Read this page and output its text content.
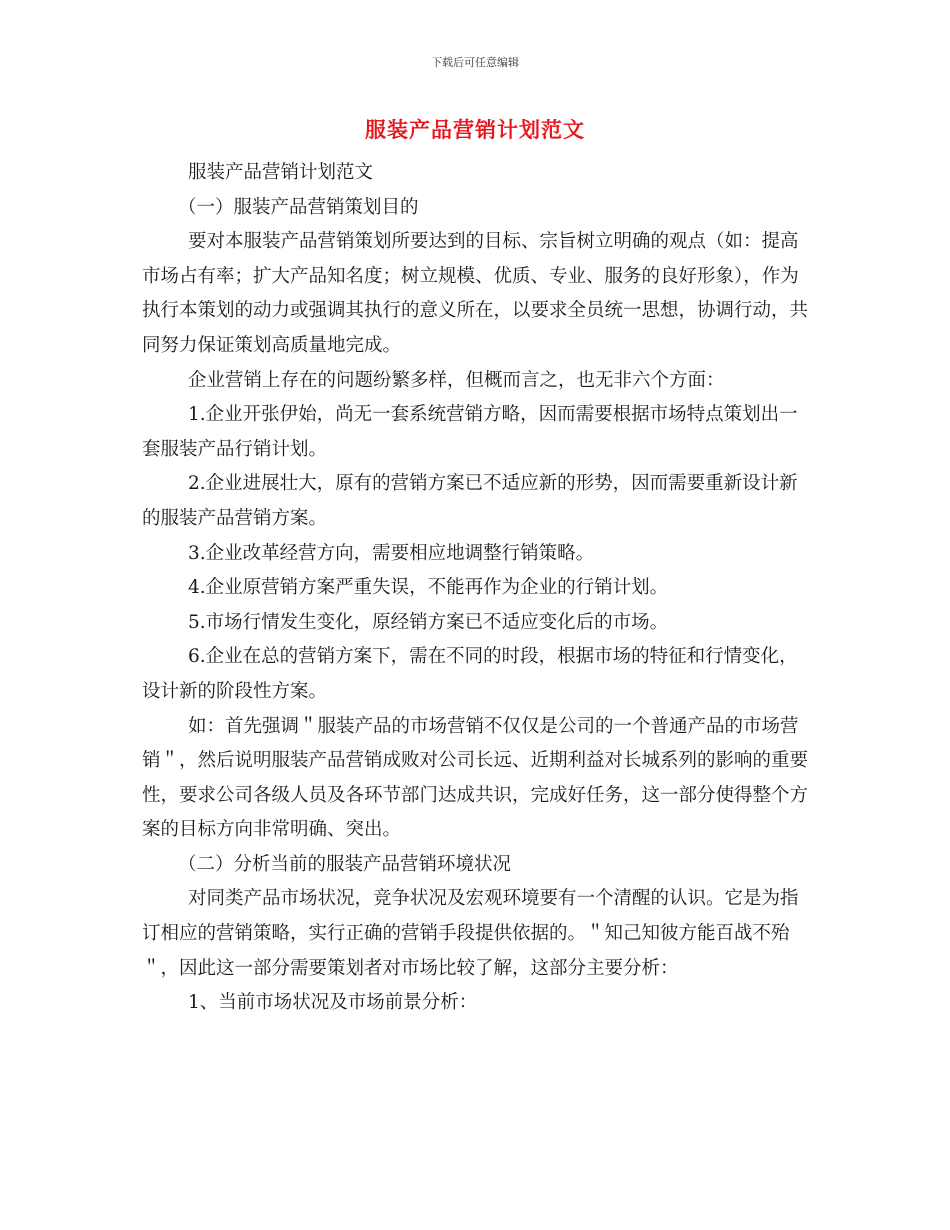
下载后可任意编辑
服装产品营销计划范文

服装产品营销计划范文

（一）服装产品营销策划目的

要对本服装产品营销策划所要达到的目标、宗旨树立明确的观点（如：提高市场占有率；扩大产品知名度；树立规模、优质、专业、服务的良好形象），作为执行本策划的动力或强调其执行的意义所在，以要求全员统一思想，协调行动，共同努力保证策划高质量地完成。

企业营销上存在的问题纷繁多样，但概而言之，也无非六个方面：

1.企业开张伊始，尚无一套系统营销方略，因而需要根据市场特点策划出一套服装产品行销计划。

2.企业进展壮大，原有的营销方案已不适应新的形势，因而需要重新设计新的服装产品营销方案。

3.企业改革经营方向，需要相应地调整行销策略。

4.企业原营销方案严重失误，不能再作为企业的行销计划。

5.市场行情发生变化，原经销方案已不适应变化后的市场。

6.企业在总的营销方案下，需在不同的时段，根据市场的特征和行情变化，设计新的阶段性方案。

如：首先强调＂服装产品的市场营销不仅仅是公司的一个普通产品的市场营销＂，然后说明服装产品营销成败对公司长远、近期利益对长城系列的影响的重要性，要求公司各级人员及各环节部门达成共识，完成好任务，这一部分使得整个方案的目标方向非常明确、突出。

（二）分析当前的服装产品营销环境状况

对同类产品市场状况，竞争状况及宏观环境要有一个清醒的认识。它是为指订相应的营销策略，实行正确的营销手段提供依据的。＂知己知彼方能百战不殆＂，因此这一部分需要策划者对市场比较了解，这部分主要分析：

1、当前市场状况及市场前景分析：
